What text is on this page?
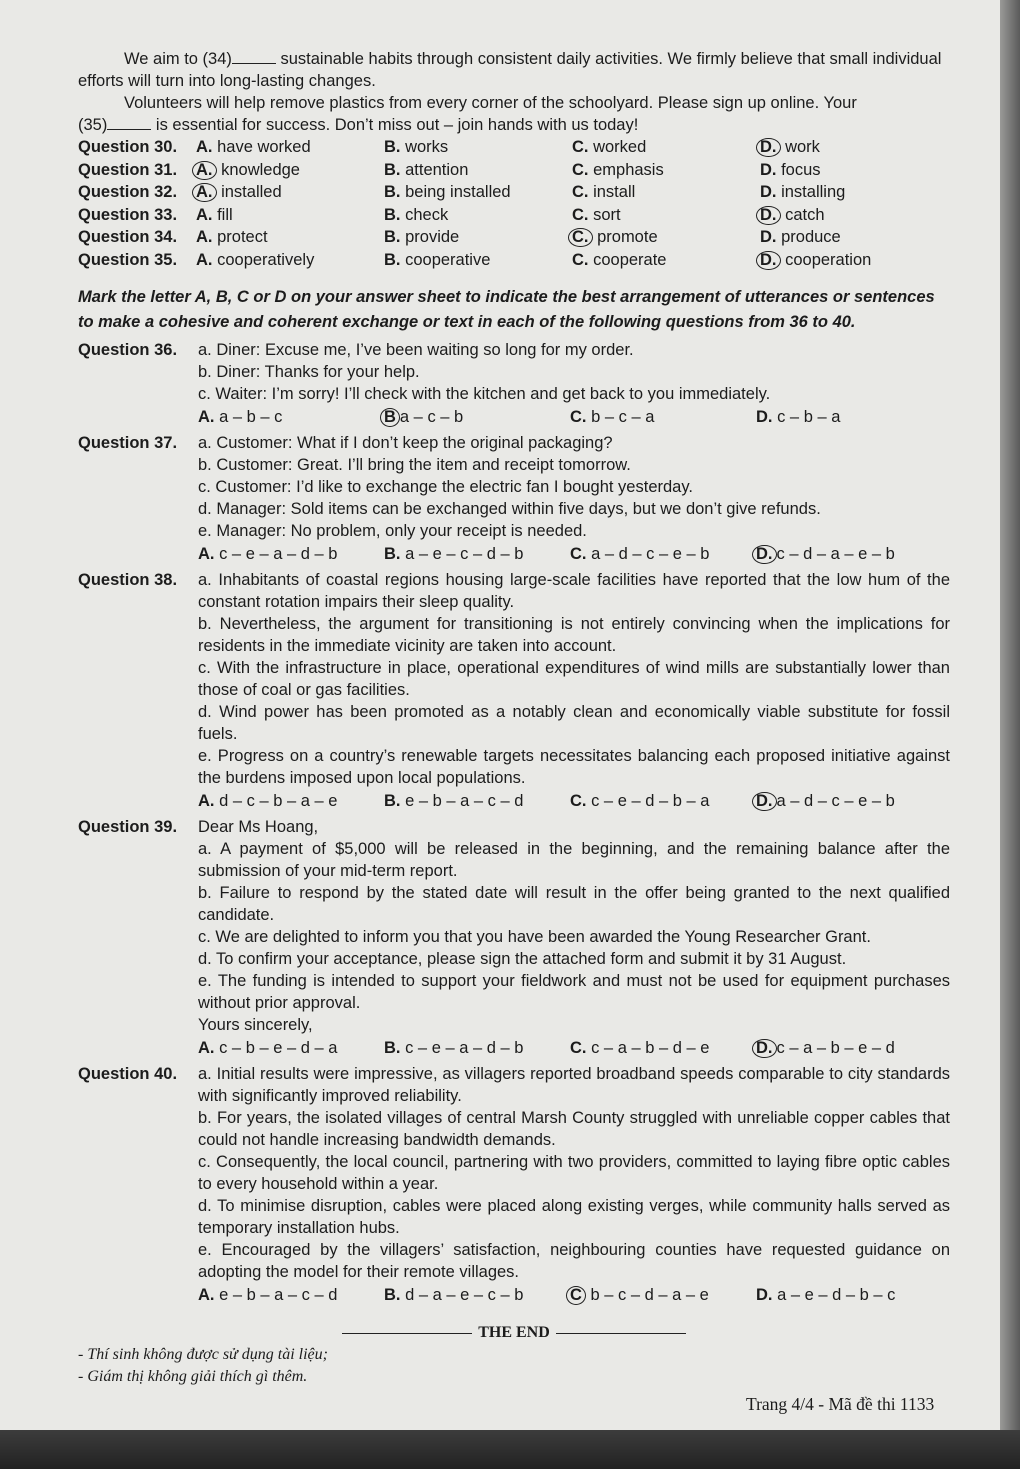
We aim to (34)	sustainable habits through consistent daily activities. We firmly believe that small individual efforts will turn into long-lasting changes.

Volunteers will help remove plastics from every corner of the schoolyard. Please sign up online. Your

(35)	is essential for success. Don’t miss out – join hands with us today!

Question 30.	A. have worked	B. works	C. worked	D. work
Question 31.	A. knowledge	B. attention	C. emphasis	D. focus
Question 32.	A. installed	B. being installed	C. install	D. installing
Question 33.	A. fill	B. check	C. sort	D. catch
Question 34.	A. protect	B. provide	C. promote	D. produce
Question 35.	A. cooperatively	B. cooperative	C. cooperate	D. cooperation

Mark the letter A, B, C or D on your answer sheet to indicate the best arrangement of utterances or sentences to make a cohesive and coherent exchange or text in each of the following questions from 36 to 40.

Question 36.	a. Diner: Excuse me, I’ve been waiting so long for my order.
b. Diner: Thanks for your help.
c. Waiter: I’m sorry! I’ll check with the kitchen and get back to you immediately.
A. a – b – c	B a – c – b	C. b – c – a	D. c – b – a
Question 37.	a. Customer: What if I don’t keep the original packaging?
b. Customer: Great. I’ll bring the item and receipt tomorrow.
c. Customer: I’d like to exchange the electric fan I bought yesterday.
d. Manager: Sold items can be exchanged within five days, but we don’t give refunds.
e. Manager: No problem, only your receipt is needed.
A. c – e – a – d – b	B. a – e – c – d – b	C. a – d – c – e – b	D. c – d – a – e – b
Question 38.	a. Inhabitants of coastal regions housing large-scale facilities have reported that the low hum of the constant rotation impairs their sleep quality.
b. Nevertheless, the argument for transitioning is not entirely convincing when the implications for residents in the immediate vicinity are taken into account.
c. With the infrastructure in place, operational expenditures of wind mills are substantially lower than those of coal or gas facilities.
d. Wind power has been promoted as a notably clean and economically viable substitute for fossil fuels.
e. Progress on a country’s renewable targets necessitates balancing each proposed initiative against the burdens imposed upon local populations.
A. d – c – b – a – e	B. e – b – a – c – d	C. c – e – d – b – a	D. a – d – c – e – b
Question 39.	Dear Ms Hoang,
a. A payment of $5,000 will be released in the beginning, and the remaining balance after the submission of your mid-term report.
b. Failure to respond by the stated date will result in the offer being granted to the next qualified candidate.
c. We are delighted to inform you that you have been awarded the Young Researcher Grant.
d. To confirm your acceptance, please sign the attached form and submit it by 31 August.
e. The funding is intended to support your fieldwork and must not be used for equipment purchases without prior approval.
Yours sincerely,
A. c – b – e – d – a	B. c – e – a – d – b	C. c – a – b – d – e	D. c – a – b – e – d
Question 40.	a. Initial results were impressive, as villagers reported broadband speeds comparable to city standards with significantly improved reliability.
b. For years, the isolated villages of central Marsh County struggled with unreliable copper cables that could not handle increasing bandwidth demands.
c. Consequently, the local council, partnering with two providers, committed to laying fibre optic cables to every household within a year.
d. To minimise disruption, cables were placed along existing verges, while community halls served as temporary installation hubs.
e. Encouraged by the villagers’ satisfaction, neighbouring counties have requested guidance on adopting the model for their remote villages.
A. e – b – a – c – d	B. d – a – e – c – b	C b – c – d – a – e	D. a – e – d – b – c
THE END
- Thí sinh không được sử dụng tài liệu;
- Giám thị không giải thích gì thêm.
Trang 4/4 - Mã đề thi 1133
